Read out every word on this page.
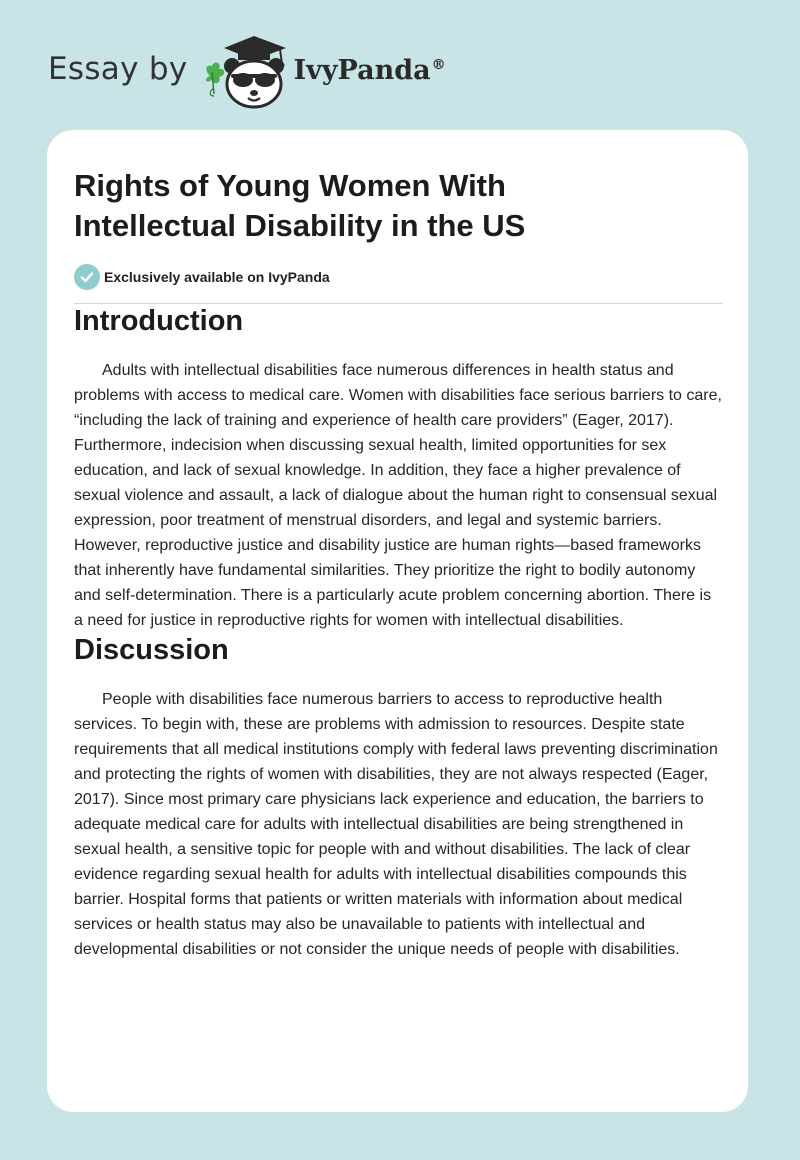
Essay by	IvyPanda®
Rights of Young Women With Intellectual Disability in the US
Exclusively available on IvyPanda
Introduction

Adults with intellectual disabilities face numerous differences in health status and problems with access to medical care. Women with disabilities face serious barriers to care, “including the lack of training and experience of health care providers” (Eager, 2017). Furthermore, indecision when discussing sexual health, limited opportunities for sex education, and lack of sexual knowledge. In addition, they face a higher prevalence of sexual violence and assault, a lack of dialogue about the human right to consensual sexual expression, poor treatment of menstrual disorders, and legal and systemic barriers. However, reproductive justice and disability justice are human rights—based frameworks that inherently have fundamental similarities. They prioritize the right to bodily autonomy and self-determination. There is a particularly acute problem concerning abortion. There is a need for justice in reproductive rights for women with intellectual disabilities.

Discussion

People with disabilities face numerous barriers to access to reproductive health services. To begin with, these are problems with admission to resources. Despite state requirements that all medical institutions comply with federal laws preventing discrimination and protecting the rights of women with disabilities, they are not always respected (Eager, 2017). Since most primary care physicians lack experience and education, the barriers to adequate medical care for adults with intellectual disabilities are being strengthened in sexual health, a sensitive topic for people with and without disabilities. The lack of clear evidence regarding sexual health for adults with intellectual disabilities compounds this barrier. Hospital forms that patients or written materials with information about medical services or health status may also be unavailable to patients with intellectual and developmental disabilities or not consider the unique needs of people with disabilities.
